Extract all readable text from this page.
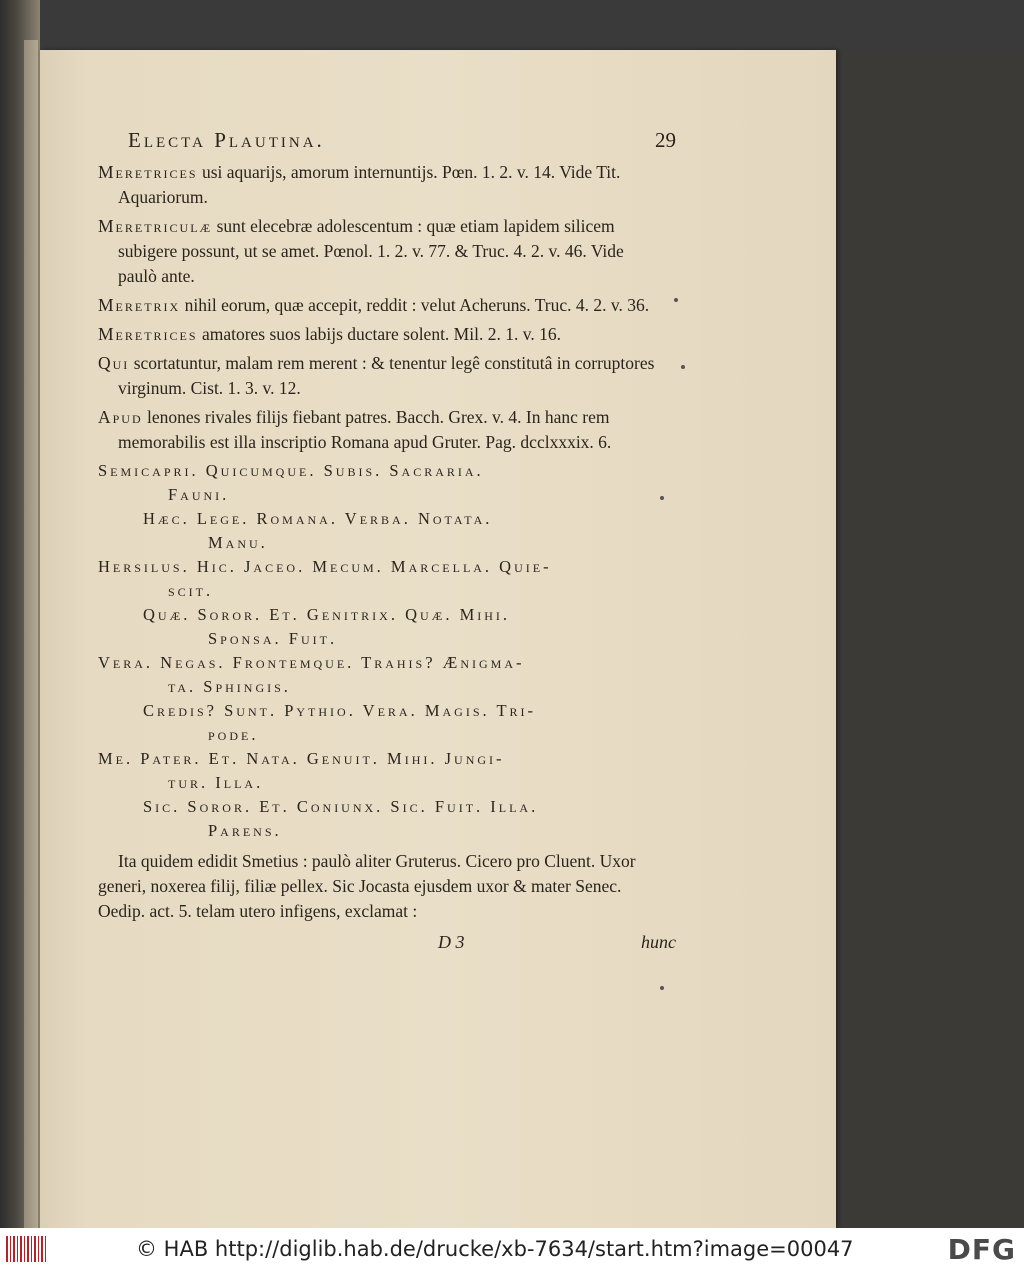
Electa Plautina.	29
Meretrices usi aquarijs, amorum internuntijs. Pœn. 1. 2. v. 14. Vide Tit. Aquariorum.
Meretriculæ sunt elecebræ adolescentum : quæ etiam lapidem silicem subigere possunt, ut se amet. Pœnol. 1. 2. v. 77. & Truc. 4. 2. v. 46. Vide paulò ante.
Meretrix nihil eorum, quæ accepit, reddit : velut Acheruns. Truc. 4. 2. v. 36.
Meretrices amatores suos labijs ductare solent. Mil. 2. 1. v. 16.
Qui scortatuntur, malam rem merent : & tenentur legê constitutâ in corruptores virginum. Cist. 1. 3. v. 12.
Apud lenones rivales filijs fiebant patres. Bacch. Grex. v. 4. In hanc rem memorabilis est illa inscriptio Romana apud Gruter. Pag. dcclxxxix. 6.
Semicapri. Quicumque. Subis. Sacraria.
Fauni.
Hæc. Lege. Romana. Verba. Notata.
Manu.
Hersilus. Hic. Jaceo. Mecum. Marcella. Quie-
scit.
Quæ. Soror. Et. Genitrix. Quæ. Mihi.
Sponsa. Fuit.
Vera. Negas. Frontemque. Trahis? Ænigma-
ta. Sphingis.
Credis? Sunt. Pythio. Vera. Magis. Tri-
pode.
Me. Pater. Et. Nata. Genuit. Mihi. Jungi-
tur. Illa.
Sic. Soror. Et. Coniunx. Sic. Fuit. Illa.
Parens.
Ita quidem edidit Smetius : paulò aliter Gruterus. Cicero pro Cluent. Uxor generi, noxerea filij, filiæ pellex. Sic Jocasta ejusdem uxor & mater Senec. Oedip. act. 5. telam utero infigens, exclamat :
D 3	hunc
© HAB http://diglib.hab.de/drucke/xb-7634/start.htm?image=00047	DFG
